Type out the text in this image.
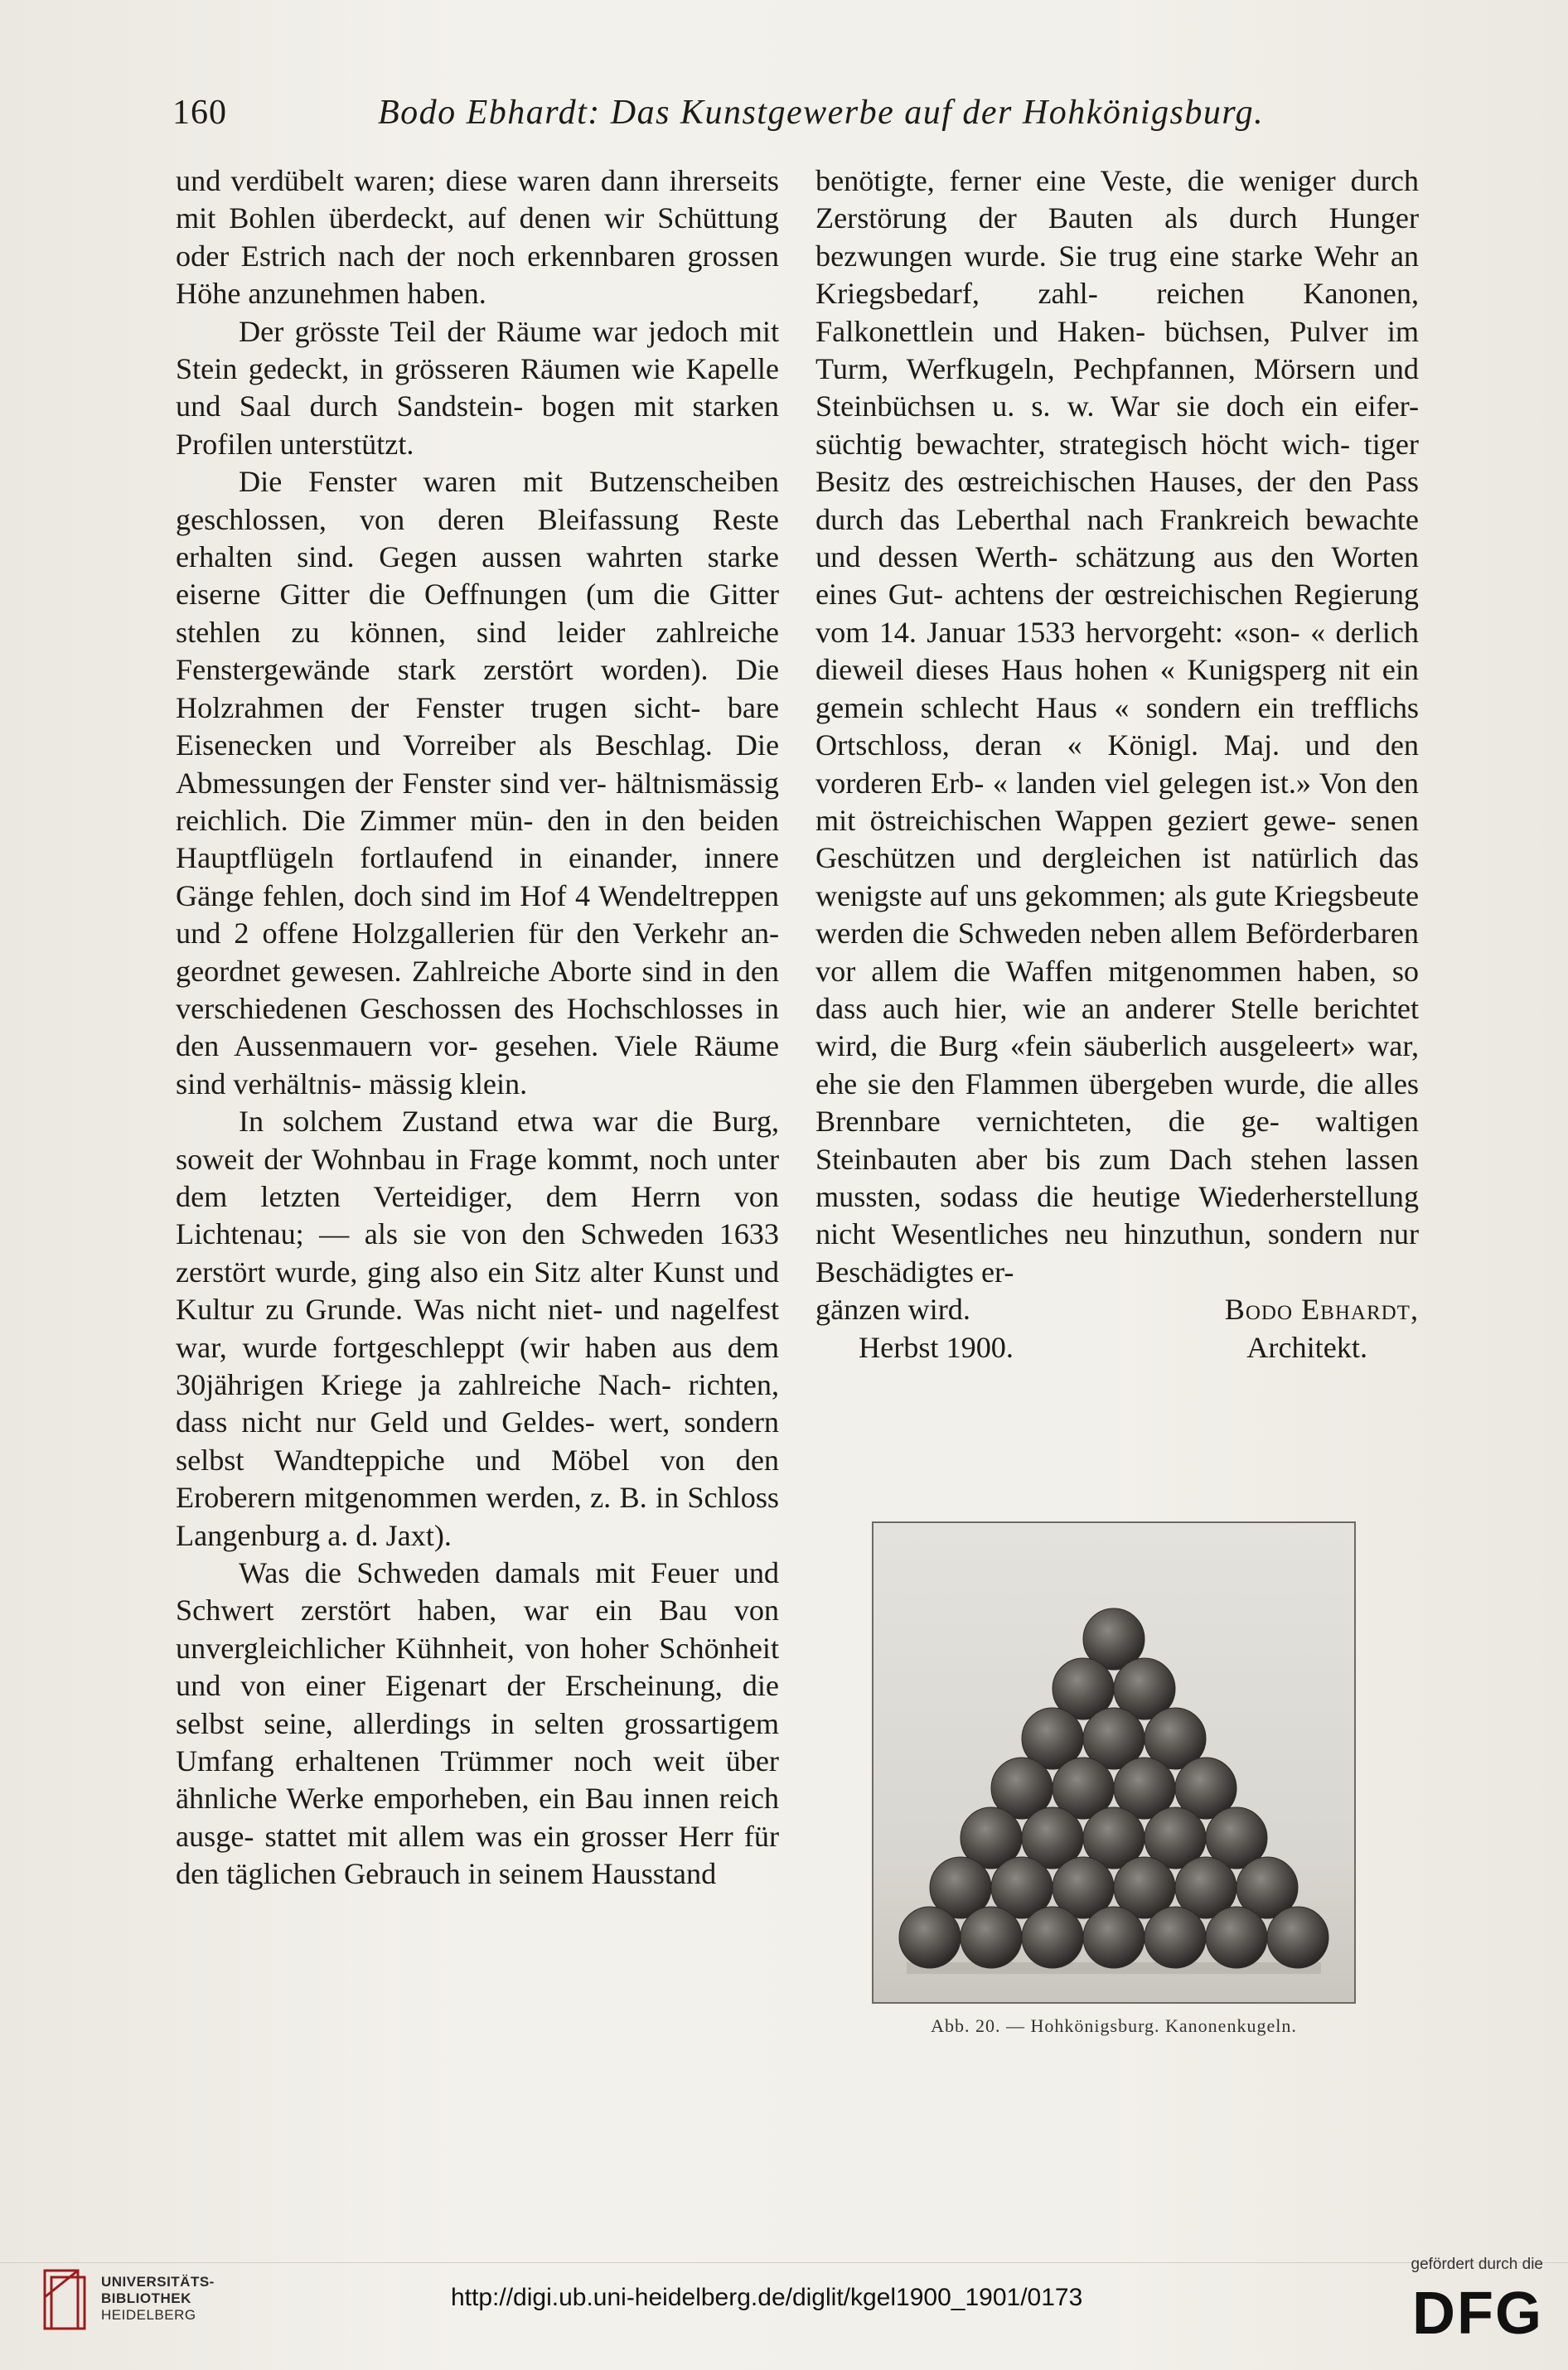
160	Bodo Ebhardt: Das Kunstgewerbe auf der Hohkönigsburg.

und verdübelt waren; diese waren dann ihrerseits mit Bohlen überdeckt, auf denen wir Schüttung oder Estrich nach der noch erkennbaren grossen Höhe anzunehmen haben.

Der grösste Teil der Räume war jedoch mit Stein gedeckt, in grösseren Räumen wie Kapelle und Saal durch Sandstein- bogen mit starken Profilen unterstützt.

Die Fenster waren mit Butzenscheiben geschlossen, von deren Bleifassung Reste erhalten sind. Gegen aussen wahrten starke eiserne Gitter die Oeffnungen (um die Gitter stehlen zu können, sind leider zahlreiche Fenstergewände stark zerstört worden). Die Holzrahmen der Fenster trugen sicht- bare Eisenecken und Vorreiber als Beschlag. Die Abmessungen der Fenster sind ver- hältnismässig reichlich. Die Zimmer mün- den in den beiden Hauptflügeln fortlaufend in einander, innere Gänge fehlen, doch sind im Hof 4 Wendeltreppen und 2 offene Holzgallerien für den Verkehr an- geordnet gewesen. Zahlreiche Aborte sind in den verschiedenen Geschossen des Hochschlosses in den Aussenmauern vor- gesehen. Viele Räume sind verhältnis- mässig klein.

In solchem Zustand etwa war die Burg, soweit der Wohnbau in Frage kommt, noch unter dem letzten Verteidiger, dem Herrn von Lichtenau; — als sie von den Schweden 1633 zerstört wurde, ging also ein Sitz alter Kunst und Kultur zu Grunde. Was nicht niet- und nagelfest war, wurde fortgeschleppt (wir haben aus dem 30jährigen Kriege ja zahlreiche Nach- richten, dass nicht nur Geld und Geldes- wert, sondern selbst Wandteppiche und Möbel von den Eroberern mitgenommen werden, z. B. in Schloss Langenburg a. d. Jaxt).

Was die Schweden damals mit Feuer und Schwert zerstört haben, war ein Bau von unvergleichlicher Kühnheit, von hoher Schönheit und von einer Eigenart der Erscheinung, die selbst seine, allerdings in selten grossartigem Umfang erhaltenen Trümmer noch weit über ähnliche Werke emporheben, ein Bau innen reich ausge- stattet mit allem was ein grosser Herr für den täglichen Gebrauch in seinem Hausstand

benötigte, ferner eine Veste, die weniger durch Zerstörung der Bauten als durch Hunger bezwungen wurde. Sie trug eine starke Wehr an Kriegsbedarf, zahl- reichen Kanonen, Falkonettlein und Haken- büchsen, Pulver im Turm, Werfkugeln, Pechpfannen, Mörsern und Steinbüchsen u. s. w. War sie doch ein eifer- süchtig bewachter, strategisch höcht wich- tiger Besitz des œstreichischen Hauses, der den Pass durch das Leberthal nach Frankreich bewachte und dessen Werth- schätzung aus den Worten eines Gut- achtens der œstreichischen Regierung vom 14. Januar 1533 hervorgeht: «son- « derlich dieweil dieses Haus hohen « Kunigsperg nit ein gemein schlecht Haus « sondern ein trefflichs Ortschloss, deran « Königl. Maj. und den vorderen Erb- « landen viel gelegen ist.» Von den mit östreichischen Wappen geziert gewe- senen Geschützen und dergleichen ist natürlich das wenigste auf uns gekommen; als gute Kriegsbeute werden die Schweden neben allem Beförderbaren vor allem die Waffen mitgenommen haben, so dass auch hier, wie an anderer Stelle berichtet wird, die Burg «fein säuberlich ausgeleert» war, ehe sie den Flammen übergeben wurde, die alles Brennbare vernichteten, die ge- waltigen Steinbauten aber bis zum Dach stehen lassen mussten, sodass die heutige Wiederherstellung nicht Wesentliches neu hinzuthun, sondern nur Beschädigtes er-

gänzen wird.	Bodo Ebhardt,
Herbst 1900.	Architekt.
Abb. 20. — Hohkönigsburg. Kanonenkugeln.
UNIVERSITÄTS-
BIBLIOTHEK
HEIDELBERG
http://digi.ub.uni-heidelberg.de/diglit/kgel1900_1901/0173
gefördert durch die
DFG
